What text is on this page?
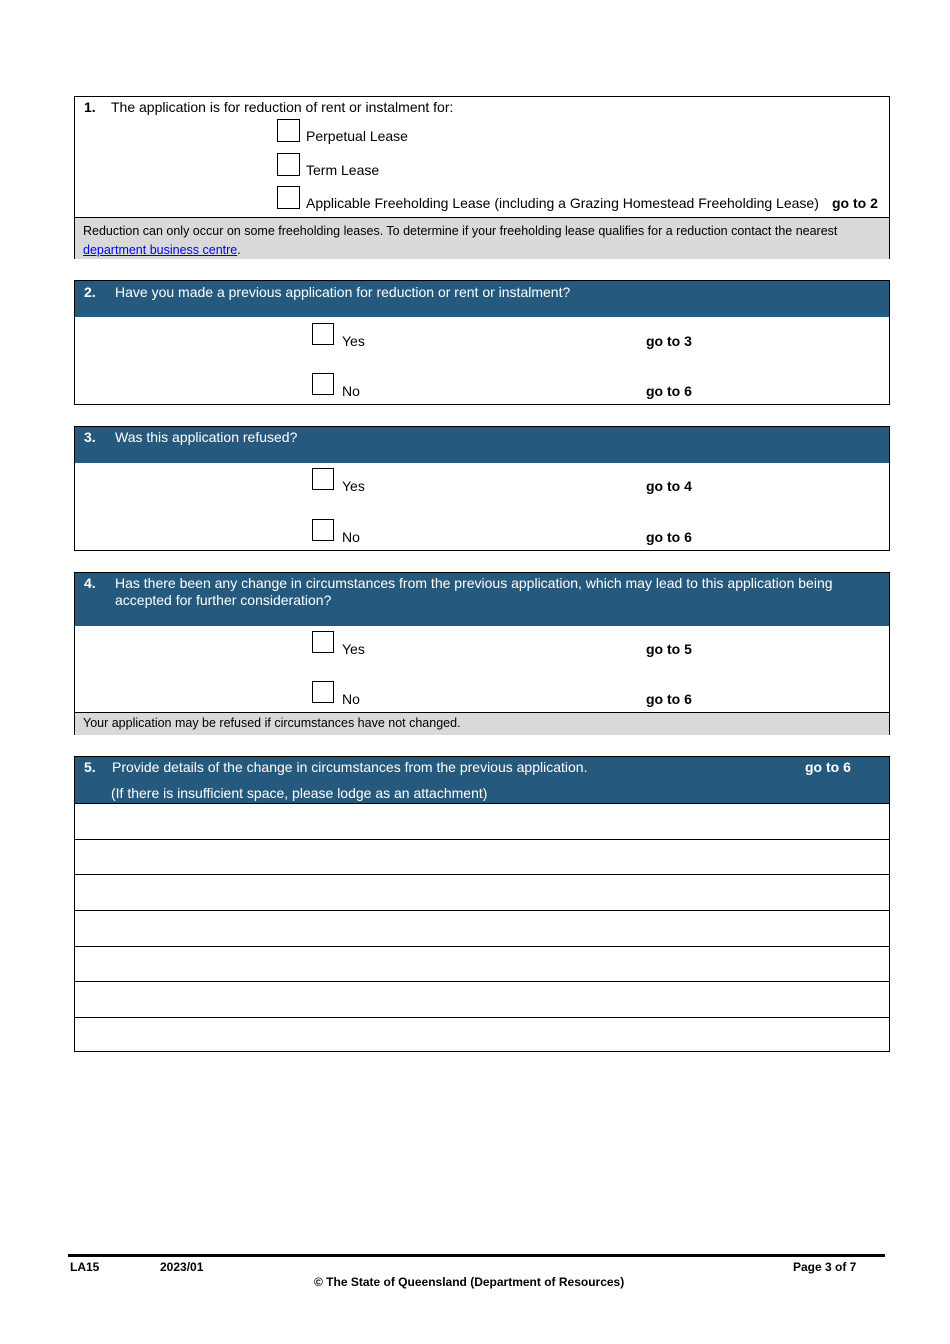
1. The application is for reduction of rent or instalment for:
Perpetual Lease
Term Lease
Applicable Freeholding Lease (including a Grazing Homestead Freeholding Lease) go to 2
Reduction can only occur on some freeholding leases. To determine if your freeholding lease qualifies for a reduction contact the nearest department business centre.
2. Have you made a previous application for reduction or rent or instalment?
Yes	go to 3
No	go to 6
3. Was this application refused?
Yes	go to 4
No	go to 6
4. Has there been any change in circumstances from the previous application, which may lead to this application being accepted for further consideration?
Yes	go to 5
No	go to 6
Your application may be refused if circumstances have not changed.
5. Provide details of the change in circumstances from the previous application.	go to 6
(If there is insufficient space, please lodge as an attachment)
LA15	2023/01	Page 3 of 7
© The State of Queensland (Department of Resources)
